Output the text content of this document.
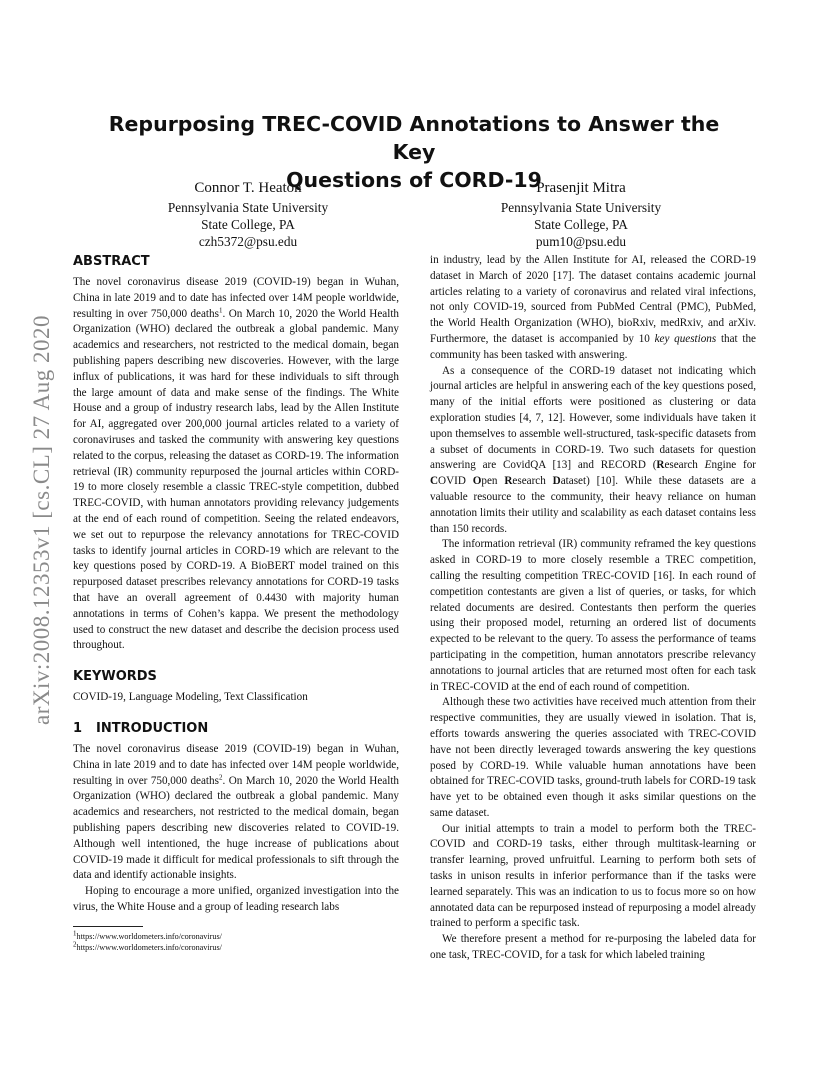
arXiv:2008.12353v1 [cs.CL] 27 Aug 2020
Repurposing TREC-COVID Annotations to Answer the Key
Questions of CORD-19
Connor T. Heaton
Pennsylvania State University
State College, PA
czh5372@psu.edu
Prasenjit Mitra
Pennsylvania State University
State College, PA
pum10@psu.edu
ABSTRACT

The novel coronavirus disease 2019 (COVID-19) began in Wuhan, China in late 2019 and to date has infected over 14M people worldwide, resulting in over 750,000 deaths$^1$. On March 10, 2020 the World Health Organization (WHO) declared the outbreak a global pandemic. Many academics and researchers, not restricted to the medical domain, began publishing papers describing new discoveries. However, with the large influx of publications, it was hard for these individuals to sift through the large amount of data and make sense of the findings. The White House and a group of industry research labs, lead by the Allen Institute for AI, aggregated over 200,000 journal articles related to a variety of coronaviruses and tasked the community with answering key questions related to the corpus, releasing the dataset as CORD-19. The information retrieval (IR) community repurposed the journal articles within CORD-19 to more closely resemble a classic TREC-style competition, dubbed TREC-COVID, with human annotators providing relevancy judgements at the end of each round of competition. Seeing the related endeavors, we set out to repurpose the relevancy annotations for TREC-COVID tasks to identify journal articles in CORD-19 which are relevant to the key questions posed by CORD-19. A BioBERT model trained on this repurposed dataset prescribes relevancy annotations for CORD-19 tasks that have an overall agreement of 0.4430 with majority human annotations in terms of Cohen’s kappa. We present the methodology used to construct the new dataset and describe the decision process used throughout.

KEYWORDS

COVID-19, Language Modeling, Text Classification

1 INTRODUCTION

The novel coronavirus disease 2019 (COVID-19) began in Wuhan, China in late 2019 and to date has infected over 14M people worldwide, resulting in over 750,000 deaths$^2$. On March 10, 2020 the World Health Organization (WHO) declared the outbreak a global pandemic. Many academics and researchers, not restricted to the medical domain, began publishing papers describing new discoveries related to COVID-19. Although well intentioned, the huge increase of publications about COVID-19 made it difficult for medical professionals to sift through the data and identify actionable insights.

Hoping to encourage a more unified, organized investigation into the virus, the White House and a group of leading research labs

$^1$https://www.worldometers.info/coronavirus/
$^2$https://www.worldometers.info/coronavirus/

in industry, lead by the Allen Institute for AI, released the CORD-19 dataset in March of 2020 [17]. The dataset contains academic journal articles relating to a variety of coronavirus and related viral infections, not only COVID-19, sourced from PubMed Central (PMC), PubMed, the World Health Organization (WHO), bioRxiv, medRxiv, and arXiv. Furthermore, the dataset is accompanied by 10 key questions that the community has been tasked with answering.

As a consequence of the CORD-19 dataset not indicating which journal articles are helpful in answering each of the key questions posed, many of the initial efforts were positioned as clustering or data exploration studies [4, 7, 12]. However, some individuals have taken it upon themselves to assemble well-structured, task-specific datasets from a subset of documents in CORD-19. Two such datasets for question answering are CovidQA [13] and RECORD (Research Engine for COVID Open Research Dataset) [10]. While these datasets are a valuable resource to the community, their heavy reliance on human annotation limits their utility and scalability as each dataset contains less than 150 records.

The information retrieval (IR) community reframed the key questions asked in CORD-19 to more closely resemble a TREC competition, calling the resulting competition TREC-COVID [16]. In each round of competition contestants are given a list of queries, or tasks, for which related documents are desired. Contestants then perform the queries using their proposed model, returning an ordered list of documents expected to be relevant to the query. To assess the performance of teams participating in the competition, human annotators prescribe relevancy annotations to journal articles that are returned most often for each task in TREC-COVID at the end of each round of competition.

Although these two activities have received much attention from their respective communities, they are usually viewed in isolation. That is, efforts towards answering the queries associated with TREC-COVID have not been directly leveraged towards answering the key questions posed by CORD-19. While valuable human annotations have been obtained for TREC-COVID tasks, ground-truth labels for CORD-19 task have yet to be obtained even though it asks similar questions on the same dataset.

Our initial attempts to train a model to perform both the TREC-COVID and CORD-19 tasks, either through multitask-learning or transfer learning, proved unfruitful. Learning to perform both sets of tasks in unison results in inferior performance than if the tasks were learned separately. This was an indication to us to focus more so on how annotated data can be repurposed instead of repurposing a model already trained to perform a specific task.

We therefore present a method for re-purposing the labeled data for one task, TREC-COVID, for a task for which labeled training
